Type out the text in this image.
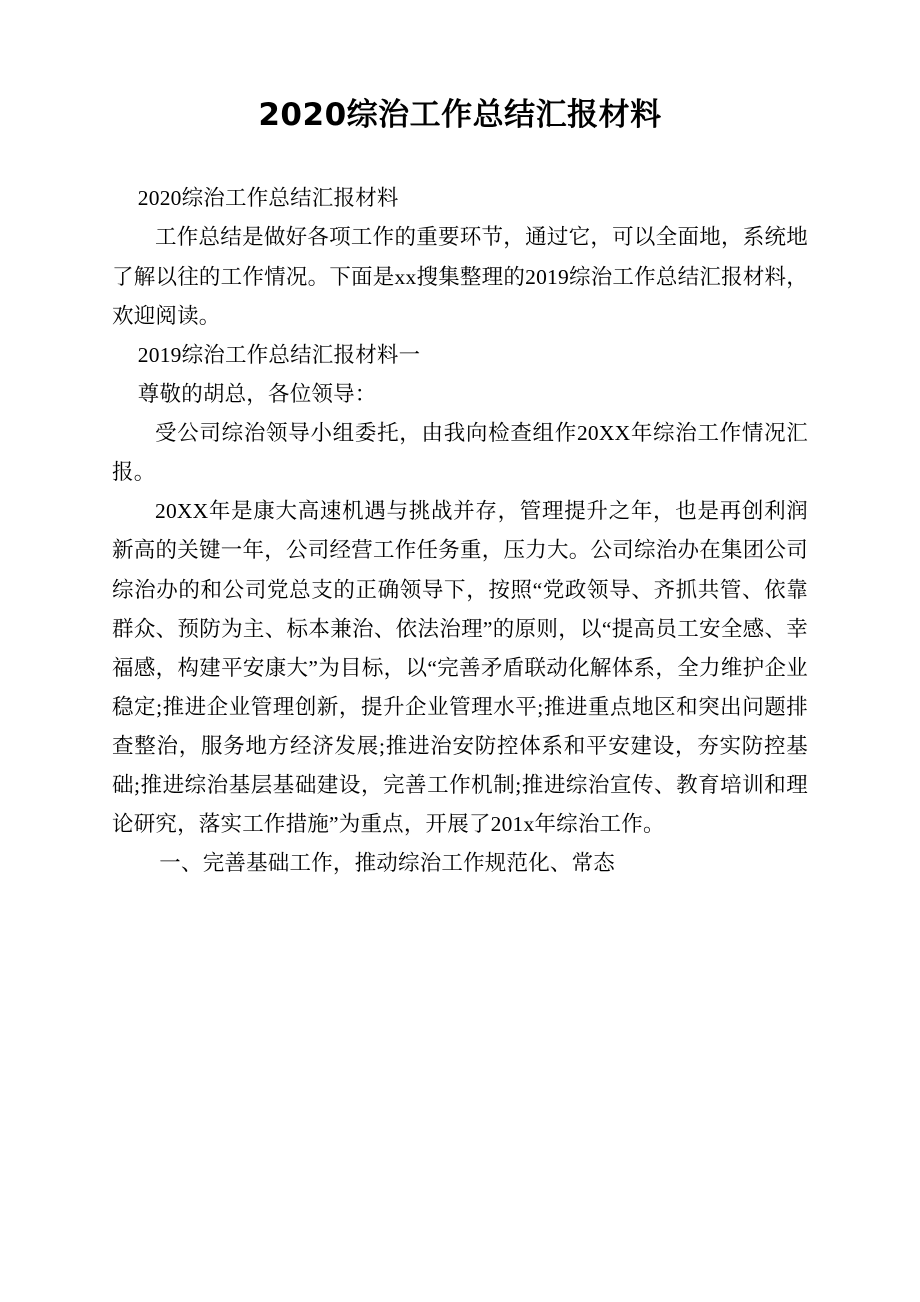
2020综治工作总结汇报材料

2020综治工作总结汇报材料

工作总结是做好各项工作的重要环节，通过它，可以全面地，系统地了解以往的工作情况。下面是xx搜集整理的2019综治工作总结汇报材料，欢迎阅读。

2019综治工作总结汇报材料一

尊敬的胡总，各位领导：

受公司综治领导小组委托，由我向检查组作20XX年综治工作情况汇报。

20XX年是康大高速机遇与挑战并存，管理提升之年，也是再创利润新高的关键一年，公司经营工作任务重，压力大。公司综治办在集团公司综治办的和公司党总支的正确领导下，按照“党政领导、齐抓共管、依靠群众、预防为主、标本兼治、依法治理”的原则，以“提高员工安全感、幸福感，构建平安康大”为目标，以“完善矛盾联动化解体系，全力维护企业稳定;推进企业管理创新，提升企业管理水平;推进重点地区和突出问题排查整治，服务地方经济发展;推进治安防控体系和平安建设，夯实防控基础;推进综治基层基础建设，完善工作机制;推进综治宣传、教育培训和理论研究，落实工作措施”为重点，开展了201x年综治工作。

一、完善基础工作，推动综治工作规范化、常态
